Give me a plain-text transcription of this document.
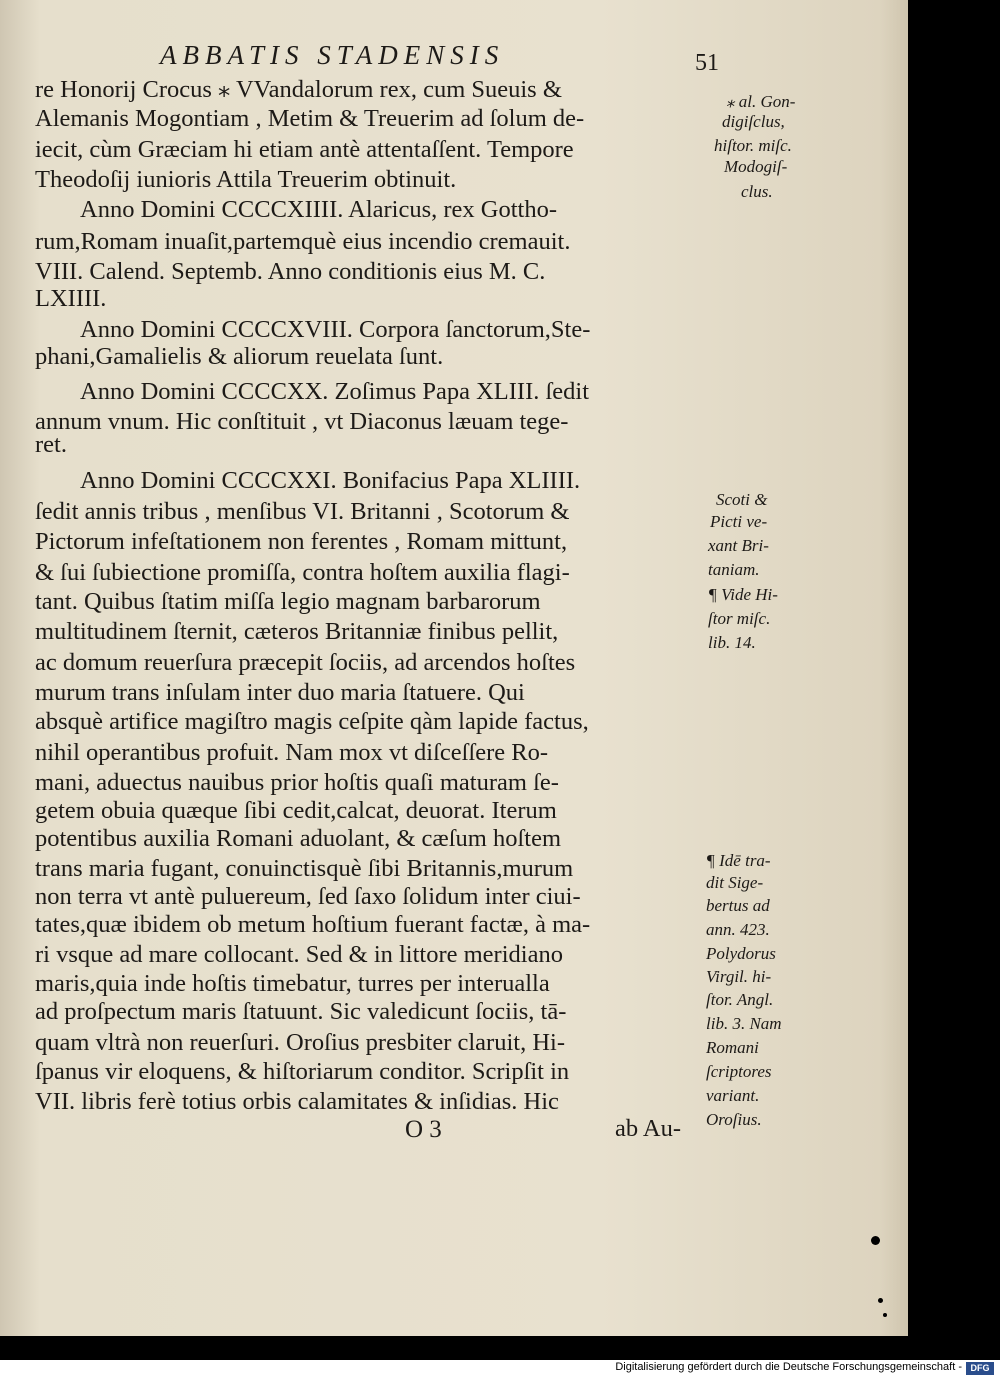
ABBATIS STADENSIS	51
re Honorij Crocus ⁎ VVandalorum rex, cum Sueuis &
Alemanis Mogontiam , Metim & Treuerim ad ſolum de-
iecit, cùm Græciam hi etiam antè attentaſſent. Tempore
Theodoſij iunioris Attila Treuerim obtinuit.
Anno Domini CCCCXIIII. Alaricus, rex Gottho-
rum,Romam inuaſit,partemquè eius incendio cremauit.
VIII. Calend. Septemb. Anno conditionis eius M. C.
LXIIII.
Anno Domini CCCCXVIII. Corpora ſanctorum,Ste-
phani,Gamalielis & aliorum reuelata ſunt.
Anno Domini CCCCXX. Zoſimus Papa XLIII. ſedit
annum vnum. Hic conſtituit , vt Diaconus læuam tege-
ret.
Anno Domini CCCCXXI. Bonifacius Papa XLIIII.
ſedit annis tribus , menſibus VI. Britanni , Scotorum &
Pictorum infeſtationem non ferentes , Romam mittunt,
& ſui ſubiectione promiſſa, contra hoſtem auxilia flagi-
tant. Quibus ſtatim miſſa legio magnam barbarorum
multitudinem ſternit, cæteros Britanniæ finibus pellit,
ac domum reuerſura præcepit ſociis, ad arcendos hoſtes
murum trans inſulam inter duo maria ſtatuere. Qui
absquè artifice magiſtro magis ceſpite qàm lapide factus,
nihil operantibus profuit. Nam mox vt diſceſſere Ro-
mani, aduectus nauibus prior hoſtis quaſi maturam ſe-
getem obuia quæque ſibi cedit,calcat, deuorat. Iterum
potentibus auxilia Romani aduolant, & cæſum hoſtem
trans maria fugant, conuinctisquè ſibi Britannis,murum
non terra vt antè puluereum, ſed ſaxo ſolidum inter ciui-
tates,quæ ibidem ob metum hoſtium fuerant factæ, à ma-
ri vsque ad mare collocant. Sed & in littore meridiano
maris,quia inde hoſtis timebatur, turres per interualla
ad proſpectum maris ſtatuunt. Sic valedicunt ſociis, tā-
quam vltrà non reuerſuri. Oroſius presbiter claruit, Hi-
ſpanus vir eloquens, & hiſtoriarum conditor. Scripſit in
VII. libris ferè totius orbis calamitates & inſidias. Hic
⁎ al. Gon-
digiſclus,
hiſtor. miſc.
Modogiſ-
clus.
Scoti &
Picti ve-
xant Bri-
taniam.
¶ Vide Hi-
ſtor miſc.
lib. 14.
¶ Idē tra-
dit Sige-
bertus ad
ann. 423.
Polydorus
Virgil. hi-
ſtor. Angl.
lib. 3. Nam
Romani
ſcriptores
variant.
Oroſius.
O 3	ab Au-
Digitalisierung gefördert durch die Deutsche Forschungsgemeinschaft - DFG
